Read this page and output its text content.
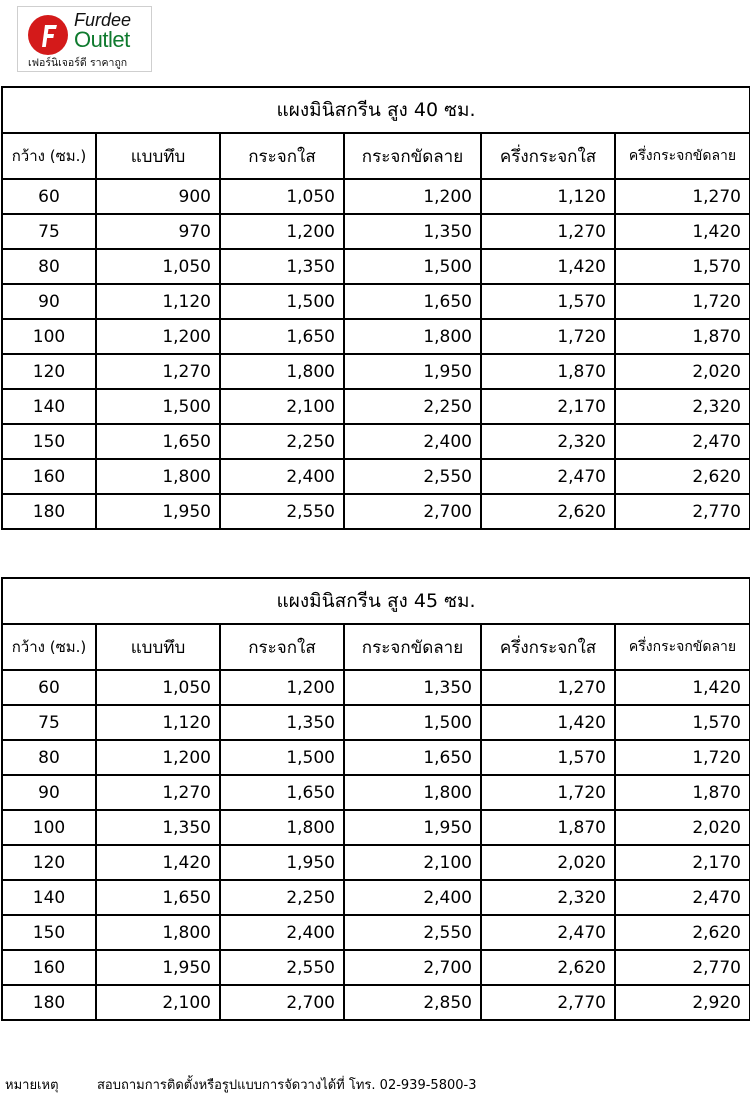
Furdee
Outlet
เฟอร์นิเจอร์ดี ราคาถูก
แผงมินิสกรีน สูง 40 ซม.					
กว้าง (ซม.)	แบบทึบ	กระจกใส	กระจกขัดลาย	ครึ่งกระจกใส	ครึ่งกระจกขัดลาย
60	900	1,050	1,200	1,120	1,270
75	970	1,200	1,350	1,270	1,420
80	1,050	1,350	1,500	1,420	1,570
90	1,120	1,500	1,650	1,570	1,720
100	1,200	1,650	1,800	1,720	1,870
120	1,270	1,800	1,950	1,870	2,020
140	1,500	2,100	2,250	2,170	2,320
150	1,650	2,250	2,400	2,320	2,470
160	1,800	2,400	2,550	2,470	2,620
180	1,950	2,550	2,700	2,620	2,770
แผงมินิสกรีน สูง 45 ซม.					
กว้าง (ซม.)	แบบทึบ	กระจกใส	กระจกขัดลาย	ครึ่งกระจกใส	ครึ่งกระจกขัดลาย
60	1,050	1,200	1,350	1,270	1,420
75	1,120	1,350	1,500	1,420	1,570
80	1,200	1,500	1,650	1,570	1,720
90	1,270	1,650	1,800	1,720	1,870
100	1,350	1,800	1,950	1,870	2,020
120	1,420	1,950	2,100	2,020	2,170
140	1,650	2,250	2,400	2,320	2,470
150	1,800	2,400	2,550	2,470	2,620
160	1,950	2,550	2,700	2,620	2,770
180	2,100	2,700	2,850	2,770	2,920
หมายเหตุ	สอบถามการติดตั้งหรือรูปแบบการจัดวางได้ที่ โทร. 02-939-5800-3
